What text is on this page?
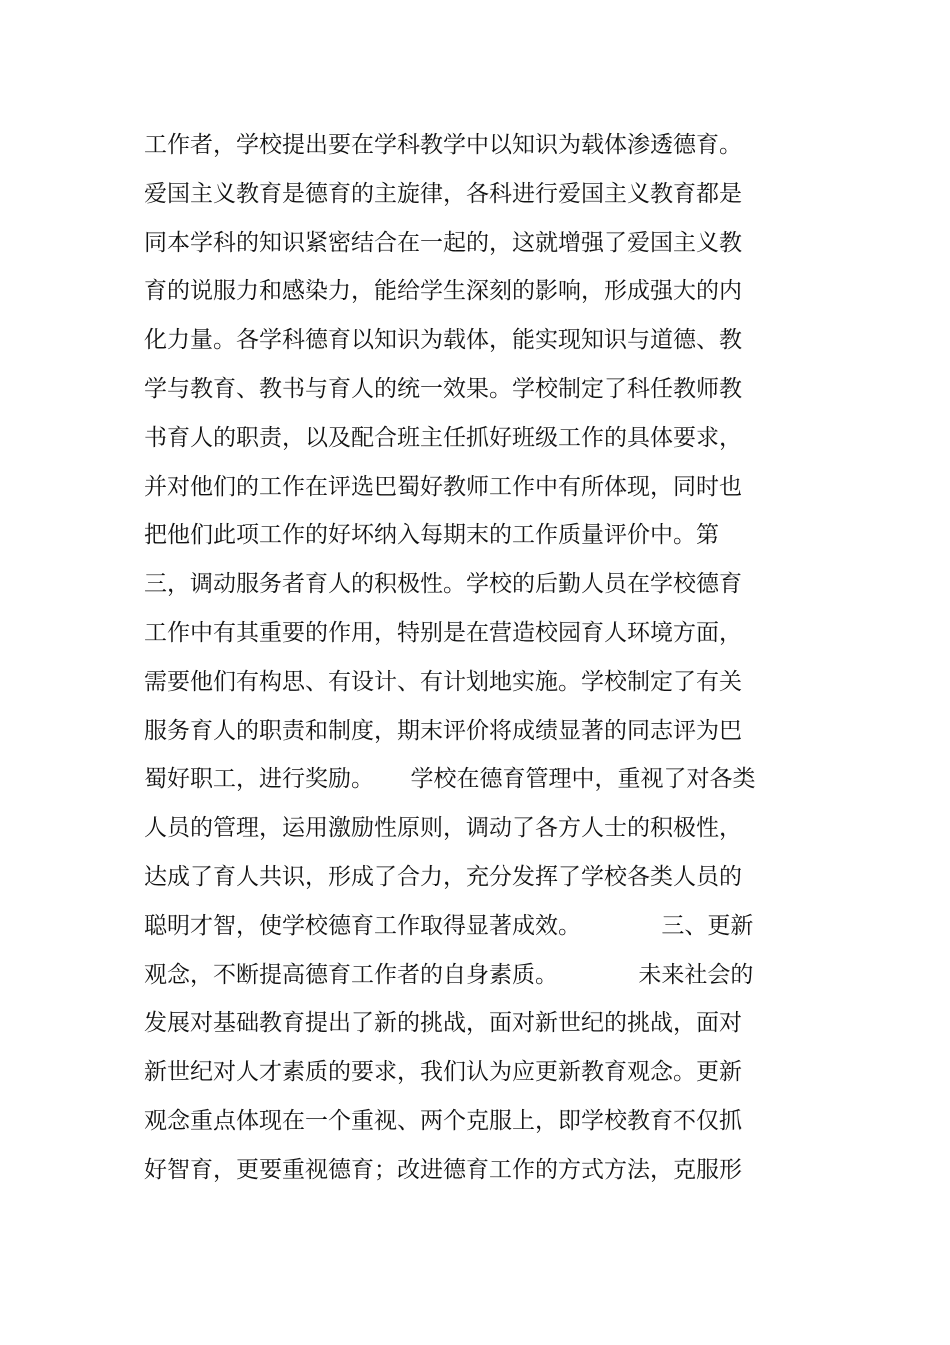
工作者，学校提出要在学科教学中以知识为载体渗透德育。

爱国主义教育是德育的主旋律，各科进行爱国主义教育都是

同本学科的知识紧密结合在一起的，这就增强了爱国主义教

育的说服力和感染力，能给学生深刻的影响，形成强大的内

化力量。各学科德育以知识为载体，能实现知识与道德、教

学与教育、教书与育人的统一效果。学校制定了科任教师教

书育人的职责，以及配合班主任抓好班级工作的具体要求，

并对他们的工作在评选巴蜀好教师工作中有所体现，同时也

把他们此项工作的好坏纳入每期末的工作质量评价中。第

三，调动服务者育人的积极性。学校的后勤人员在学校德育

工作中有其重要的作用，特别是在营造校园育人环境方面，

需要他们有构思、有设计、有计划地实施。学校制定了有关

服务育人的职责和制度，期末评价将成绩显著的同志评为巴

蜀好职工，进行奖励。     学校在德育管理中，重视了对各类

人员的管理，运用激励性原则，调动了各方人士的积极性，

达成了育人共识，形成了合力，充分发挥了学校各类人员的

聪明才智，使学校德育工作取得显著成效。           三、更新

观念，不断提高德育工作者的自身素质。           未来社会的

发展对基础教育提出了新的挑战，面对新世纪的挑战，面对

新世纪对人才素质的要求，我们认为应更新教育观念。更新

观念重点体现在一个重视、两个克服上，即学校教育不仅抓

好智育，更要重视德育；改进德育工作的方式方法，克服形
